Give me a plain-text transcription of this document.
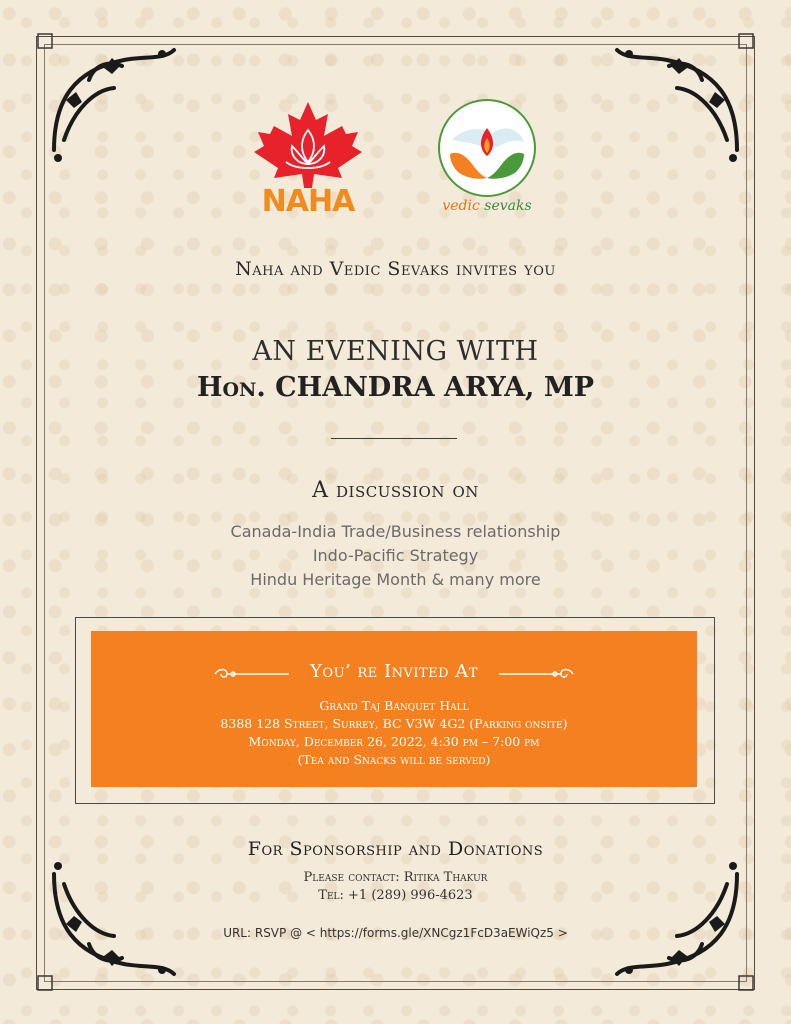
NAHA	vedic sevaks
Naha and Vedic Sevaks invites you
AN EVENING WITH
Hon. CHANDRA ARYA, MP
A discussion on
Canada-India Trade/Business relationship
Indo-Pacific Strategy
Hindu Heritage Month & many more
You’ re Invited At
Grand Taj Banquet Hall
8388 128 Street, Surrey, BC V3W 4G2 (Parking onsite)
Monday, December 26, 2022, 4:30 pm – 7:00 pm
(Tea and Snacks will be served)
For Sponsorship and Donations
Please contact: Ritika Thakur
Tel: +1 (289) 996-4623
URL: RSVP @ < https://forms.gle/XNCgz1FcD3aEWiQz5 >
